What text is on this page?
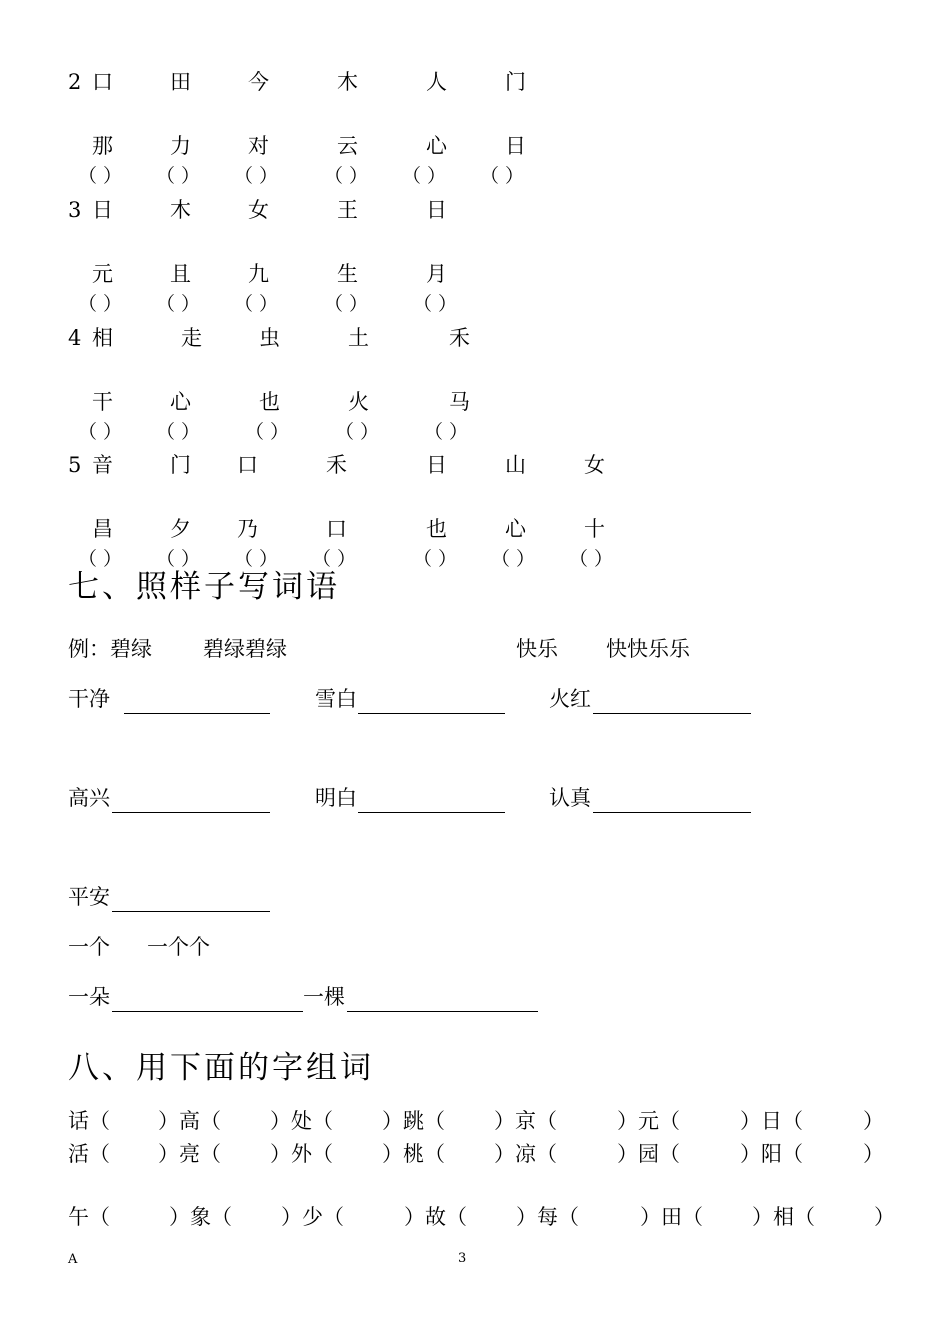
2 口	田	今	木	人	门
那	力	对	云	心	日
（ ） （ ） （ ） （ ） （ ） （ ）
3 日	木	女	王	日
元	且	九	生	月
（ ） （ ） （ ） （ ） （ ）
4 相	走	虫	土	禾
干	心	也	火	马
（ ） （ ） （ ） （ ） （ ）
5 音	门 口	禾	日	山	女
昌	夕 乃	口	也	心	十
（ ） （ ） （ ） （ ）	（ ） （ ） （ ）
七、照样子写词语
例：碧绿 碧绿碧绿	快乐 快快乐乐
干净	雪白	火红
高兴	明白	认真
平安
一个 一个个
一朵	一棵
八、用下面的字组词
话（ ）高（ ）处（ ）跳（ ）京（	）元（	）日（	）
活（ ）亮（ ）外（ ）桃（ ）凉（	）园（	）阳（	）
午（	）象（ ）少（	）故（ ）每（	）田（ ）相（	）
A	3
